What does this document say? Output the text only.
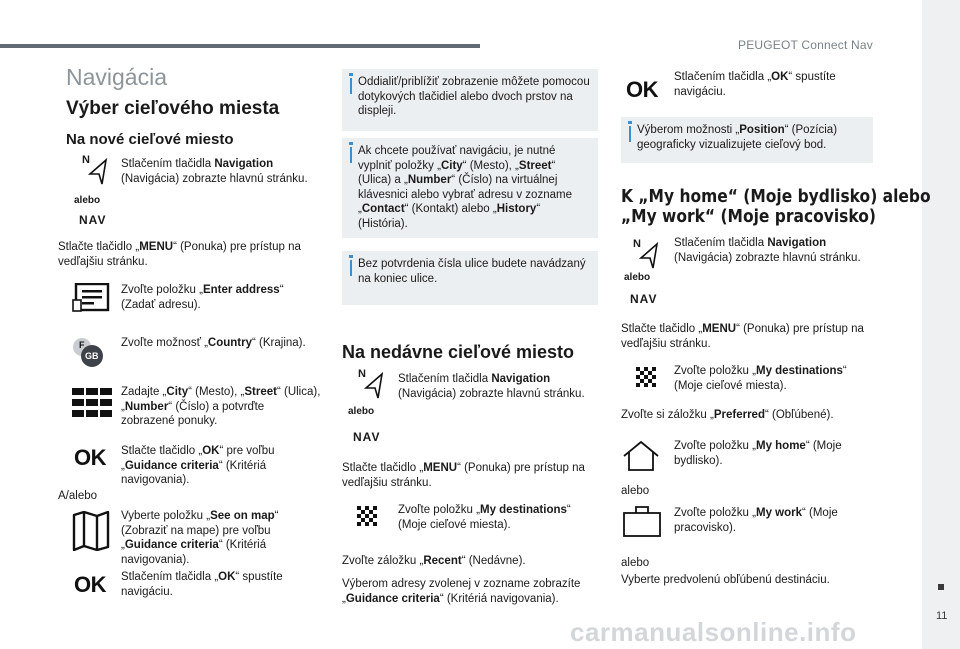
PEUGEOT Connect Nav
11
Navigácia
Výber cieľového miesta
Na nové cieľové miesto
N
alebo
NAV
Stlačením tlačidla Navigation (Navigácia) zobrazte hlavnú stránku.
Stlačte tlačidlo „MENU“ (Ponuka) pre prístup na vedľajšiu stránku.
Zvoľte položku „Enter address“ (Zadať adresu).
F
GB
Zvoľte možnosť „Country“ (Krajina).
Zadajte „City“ (Mesto), „Street“ (Ulica), „Number“ (Číslo) a potvrďte zobrazené ponuky.
OK Stlačte tlačidlo „OK“ pre voľbu „Guidance criteria“ (Kritériá navigovania).
A/alebo
Vyberte položku „See on map“ (Zobraziť na mape) pre voľbu „Guidance criteria“ (Kritériá navigovania).
OK Stlačením tlačidla „OK“ spustíte navigáciu.
Oddialiť/priblížiť zobrazenie môžete pomocou dotykových tlačidiel alebo dvoch prstov na displeji.
Ak chcete používať navigáciu, je nutné vyplniť položky „City“ (Mesto), „Street“ (Ulica) a „Number“ (Číslo) na virtuálnej klávesnici alebo vybrať adresu v zozname „Contact“ (Kontakt) alebo „History“ (História).
Bez potvrdenia čísla ulice budete navádzaný na koniec ulice.
Na nedávne cieľové miesto
N
alebo
NAV
Stlačením tlačidla Navigation (Navigácia) zobrazte hlavnú stránku.
Stlačte tlačidlo „MENU“ (Ponuka) pre prístup na vedľajšiu stránku.
Zvoľte položku „My destinations“ (Moje cieľové miesta).
Zvoľte záložku „Recent“ (Nedávne).
Výberom adresy zvolenej v zozname zobrazíte „Guidance criteria“ (Kritériá navigovania).
OK Stlačením tlačidla „OK“ spustíte navigáciu.
Výberom možnosti „Position“ (Pozícia) geograficky vizualizujete cieľový bod.
K „My home“ (Moje bydlisko) alebo
„My work“ (Moje pracovisko)
N
alebo
NAV
Stlačením tlačidla Navigation (Navigácia) zobrazte hlavnú stránku.
Stlačte tlačidlo „MENU“ (Ponuka) pre prístup na vedľajšiu stránku.
Zvoľte položku „My destinations“ (Moje cieľové miesta).
Zvoľte si záložku „Preferred“ (Obľúbené).
Zvoľte položku „My home“ (Moje bydlisko).
alebo
Zvoľte položku „My work“ (Moje pracovisko).
alebo
Vyberte predvolenú obľúbenú destináciu.
carmanualsonline.info
